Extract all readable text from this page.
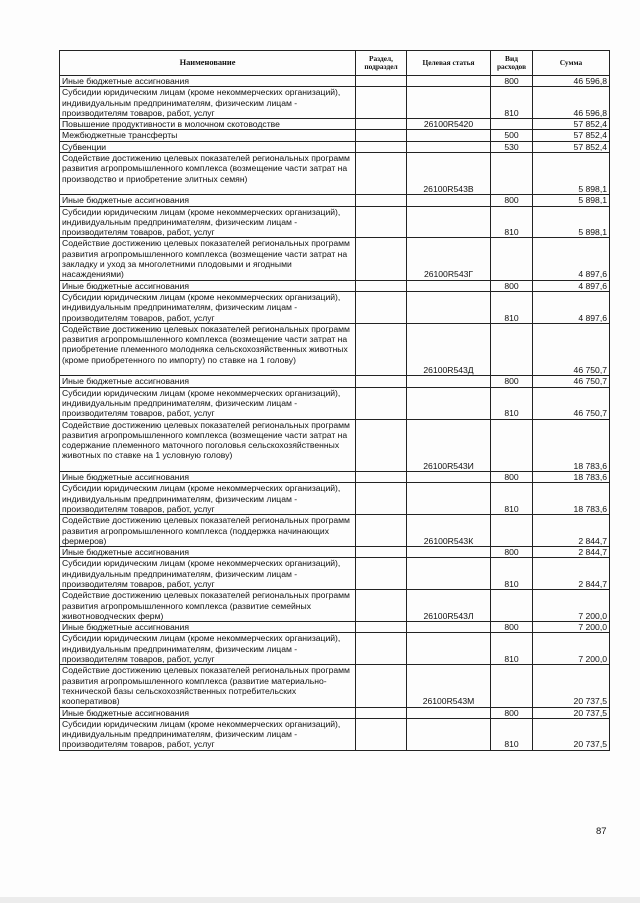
Наименование	Раздел, подраздел	Целевая статья	Вид расходов	Сумма
Иные бюджетные ассигнования			800	46 596,8
Субсидии юридическим лицам (кроме некоммерческих организаций), индивидуальным предпринимателям, физическим лицам - производителям товаров, работ, услуг			810	46 596,8
Повышение продуктивности в молочном скотоводстве		26100R5420		57 852,4
Межбюджетные трансферты			500	57 852,4
Субвенции			530	57 852,4
Содействие достижению целевых показателей региональных программ развития агропромышленного комплекса (возмещение части затрат на производство и приобретение элитных семян)		26100R543В		5 898,1
Иные бюджетные ассигнования			800	5 898,1
Субсидии юридическим лицам (кроме некоммерческих организаций), индивидуальным предпринимателям, физическим лицам - производителям товаров, работ, услуг			810	5 898,1
Содействие достижению целевых показателей региональных программ развития агропромышленного комплекса (возмещение части затрат на закладку и уход за многолетними плодовыми и ягодными насаждениями)		26100R543Г		4 897,6
Иные бюджетные ассигнования			800	4 897,6
Субсидии юридическим лицам (кроме некоммерческих организаций), индивидуальным предпринимателям, физическим лицам - производителям товаров, работ, услуг			810	4 897,6
Содействие достижению целевых показателей региональных программ развития агропромышленного комплекса (возмещение части затрат на приобретение племенного молодняка сельскохозяйственных животных (кроме приобретенного по импорту) по ставке на 1 голову)		26100R543Д		46 750,7
Иные бюджетные ассигнования			800	46 750,7
Субсидии юридическим лицам (кроме некоммерческих организаций), индивидуальным предпринимателям, физическим лицам - производителям товаров, работ, услуг			810	46 750,7
Содействие достижению целевых показателей региональных программ развития агропромышленного комплекса (возмещение части затрат на содержание племенного маточного поголовья сельскохозяйственных животных по ставке на 1 условную голову)		26100R543И		18 783,6
Иные бюджетные ассигнования			800	18 783,6
Субсидии юридическим лицам (кроме некоммерческих организаций), индивидуальным предпринимателям, физическим лицам - производителям товаров, работ, услуг			810	18 783,6
Содействие достижению целевых показателей региональных программ развития агропромышленного комплекса (поддержка начинающих фермеров)		26100R543К		2 844,7
Иные бюджетные ассигнования			800	2 844,7
Субсидии юридическим лицам (кроме некоммерческих организаций), индивидуальным предпринимателям, физическим лицам - производителям товаров, работ, услуг			810	2 844,7
Содействие достижению целевых показателей региональных программ развития агропромышленного комплекса (развитие семейных животноводческих ферм)		26100R543Л		7 200,0
Иные бюджетные ассигнования			800	7 200,0
Субсидии юридическим лицам (кроме некоммерческих организаций), индивидуальным предпринимателям, физическим лицам - производителям товаров, работ, услуг			810	7 200,0
Содействие достижению целевых показателей региональных программ развития агропромышленного комплекса (развитие материально-технической базы сельскохозяйственных потребительских кооперативов)		26100R543М		20 737,5
Иные бюджетные ассигнования			800	20 737,5
Субсидии юридическим лицам (кроме некоммерческих организаций), индивидуальным предпринимателям, физическим лицам - производителям товаров, работ, услуг			810	20 737,5
87
